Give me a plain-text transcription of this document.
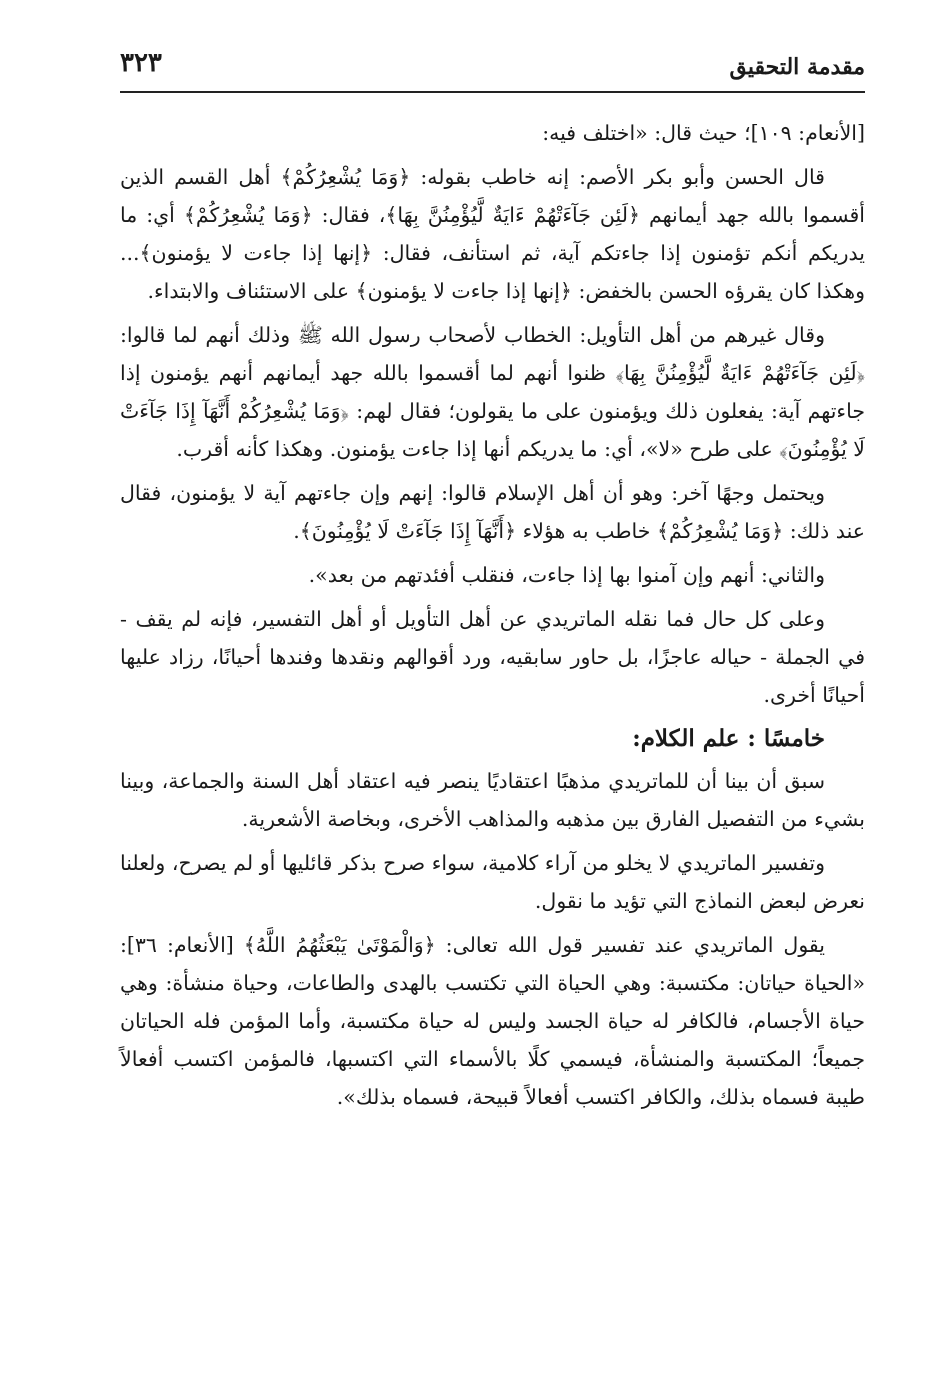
مقدمة التحقيق
٣٢٣

[الأنعام: ١٠٩]؛ حيث قال: «اختلف فيه:

قال الحسن وأبو بكر الأصم: إنه خاطب بقوله: ﴿وَمَا يُشْعِرُكُمْ﴾ أهل القسم الذين أقسموا بالله جهد أيمانهم ﴿لَئِن جَآءَتْهُمْ ءَايَةٌ لَّيُؤْمِنُنَّ بِهَا﴾، فقال: ﴿وَمَا يُشْعِرُكُمْ﴾ أي: ما يدريكم أنكم تؤمنون إذا جاءتكم آية، ثم استأنف، فقال: ﴿إنها إذا جاءت لا يؤمنون﴾... وهكذا كان يقرؤه الحسن بالخفض: ﴿إنها إذا جاءت لا يؤمنون﴾ على الاستئناف والابتداء.

وقال غيرهم من أهل التأويل: الخطاب لأصحاب رسول الله ﷺ وذلك أنهم لما قالوا: ﴿لَئِن جَآءَتْهُمْ ءَايَةٌ لَّيُؤْمِنُنَّ بِهَا﴾ ظنوا أنهم لما أقسموا بالله جهد أيمانهم أنهم يؤمنون إذا جاءتهم آية: يفعلون ذلك ويؤمنون على ما يقولون؛ فقال لهم: ﴿وَمَا يُشْعِرُكُمْ أَنَّهَآ إِذَا جَآءَتْ لَا يُؤْمِنُونَ﴾ على طرح «لا»، أي: ما يدريكم أنها إذا جاءت يؤمنون. وهكذا كأنه أقرب.

ويحتمل وجهًا آخر: وهو أن أهل الإسلام قالوا: إنهم وإن جاءتهم آية لا يؤمنون، فقال عند ذلك: ﴿وَمَا يُشْعِرُكُمْ﴾ خاطب به هؤلاء ﴿أَنَّهَآ إِذَا جَآءَتْ لَا يُؤْمِنُونَ﴾.

والثاني: أنهم وإن آمنوا بها إذا جاءت، فنقلب أفئدتهم من بعد».

وعلى كل حال فما نقله الماتريدي عن أهل التأويل أو أهل التفسير، فإنه لم يقف - في الجملة - حياله عاجزًا، بل حاور سابقيه، ورد أقوالهم ونقدها وفندها أحيانًا، رزاد عليها أحيانًا أخرى.

خامسًا : علم الكلام:

سبق أن بينا أن للماتريدي مذهبًا اعتقاديًا ينصر فيه اعتقاد أهل السنة والجماعة، وبينا بشيء من التفصيل الفارق بين مذهبه والمذاهب الأخرى، وبخاصة الأشعرية.

وتفسير الماتريدي لا يخلو من آراء كلامية، سواء صرح بذكر قائليها أو لم يصرح، ولعلنا نعرض لبعض النماذج التي تؤيد ما نقول.

يقول الماتريدي عند تفسير قول الله تعالى: ﴿وَالْمَوْتَىٰ يَبْعَثُهُمُ اللَّهُ﴾ [الأنعام: ٣٦]: «الحياة حياتان: مكتسبة: وهي الحياة التي تكتسب بالهدى والطاعات، وحياة منشأة: وهي حياة الأجسام، فالكافر له حياة الجسد وليس له حياة مكتسبة، وأما المؤمن فله الحياتان جميعاً؛ المكتسبة والمنشأة، فيسمي كلًا بالأسماء التي اكتسبها، فالمؤمن اكتسب أفعالاً طيبة فسماه بذلك، والكافر اكتسب أفعالاً قبيحة، فسماه بذلك».
